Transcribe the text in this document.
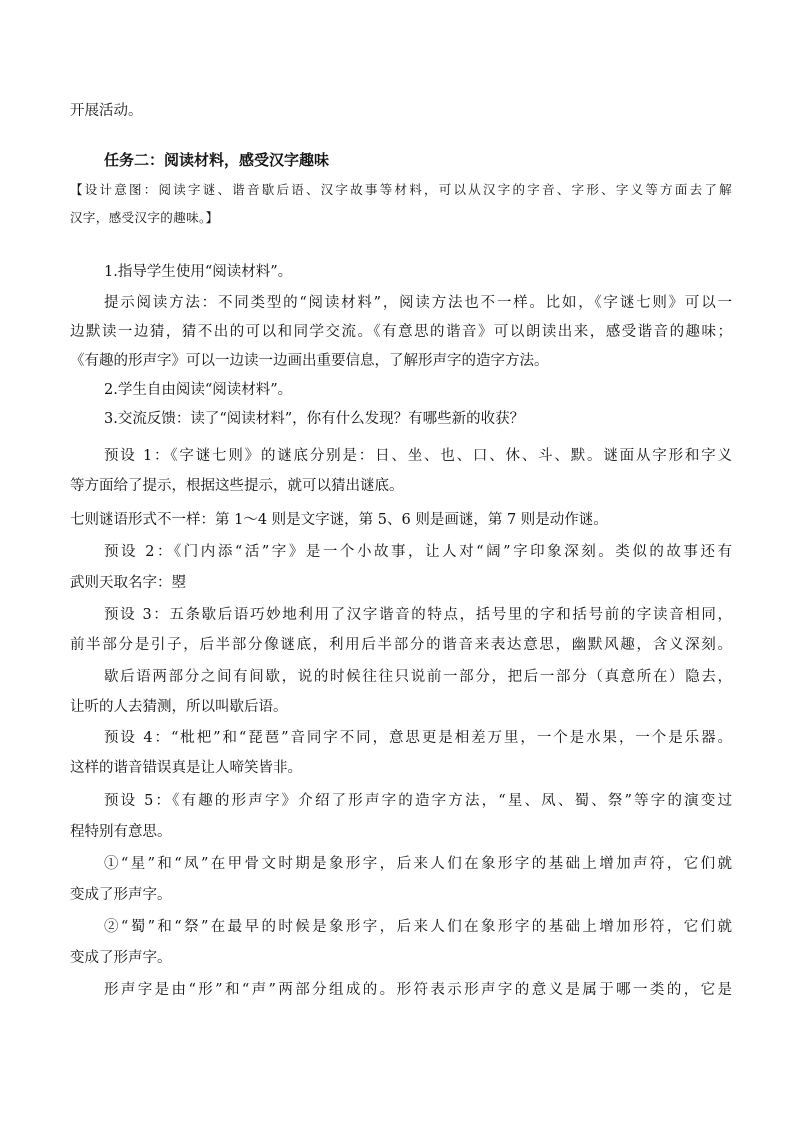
开展活动。
任务二：阅读材料，感受汉字趣味
【设计意图：阅读字谜、谐音歇后语、汉字故事等材料，可以从汉字的字音、字形、字义等方面去了解
汉字，感受汉字的趣味。】
1.指导学生使用“阅读材料”。
提示阅读方法：不同类型的“阅读材料”，阅读方法也不一样。比如，《字谜七则》可以一
边默读一边猜，猜不出的可以和同学交流。《有意思的谐音》可以朗读出来，感受谐音的趣味；
《有趣的形声字》可以一边读一边画出重要信息，了解形声字的造字方法。
2.学生自由阅读“阅读材料”。
3.交流反馈：读了“阅读材料”，你有什么发现？有哪些新的收获？
预设 1：《字谜七则》的谜底分别是：日、坐、也、口、休、斗、默。谜面从字形和字义
等方面给了提示，根据这些提示，就可以猜出谜底。
七则谜语形式不一样：第 1～4 则是文字谜，第 5、6 则是画谜，第 7 则是动作谜。
预设 2：《门内添“活”字》是一个小故事，让人对“阔”字印象深刻。类似的故事还有
武则天取名字：曌
预设 3：五条歇后语巧妙地利用了汉字谐音的特点，括号里的字和括号前的字读音相同，
前半部分是引子，后半部分像谜底，利用后半部分的谐音来表达意思，幽默风趣，含义深刻。
歇后语两部分之间有间歇，说的时候往往只说前一部分，把后一部分（真意所在）隐去，
让听的人去猜测，所以叫歇后语。
预设 4：“枇杷”和“琵琶”音同字不同，意思更是相差万里，一个是水果，一个是乐器。
这样的谐音错误真是让人啼笑皆非。
预设 5：《有趣的形声字》介绍了形声字的造字方法，“星、凤、蜀、祭”等字的演变过
程特别有意思。
①“星”和“凤”在甲骨文时期是象形字，后来人们在象形字的基础上增加声符，它们就
变成了形声字。
②“蜀”和“祭”在最早的时候是象形字，后来人们在象形字的基础上增加形符，它们就
变成了形声字。
形声字是由“形”和“声”两部分组成的。形符表示形声字的意义是属于哪一类的，它是
